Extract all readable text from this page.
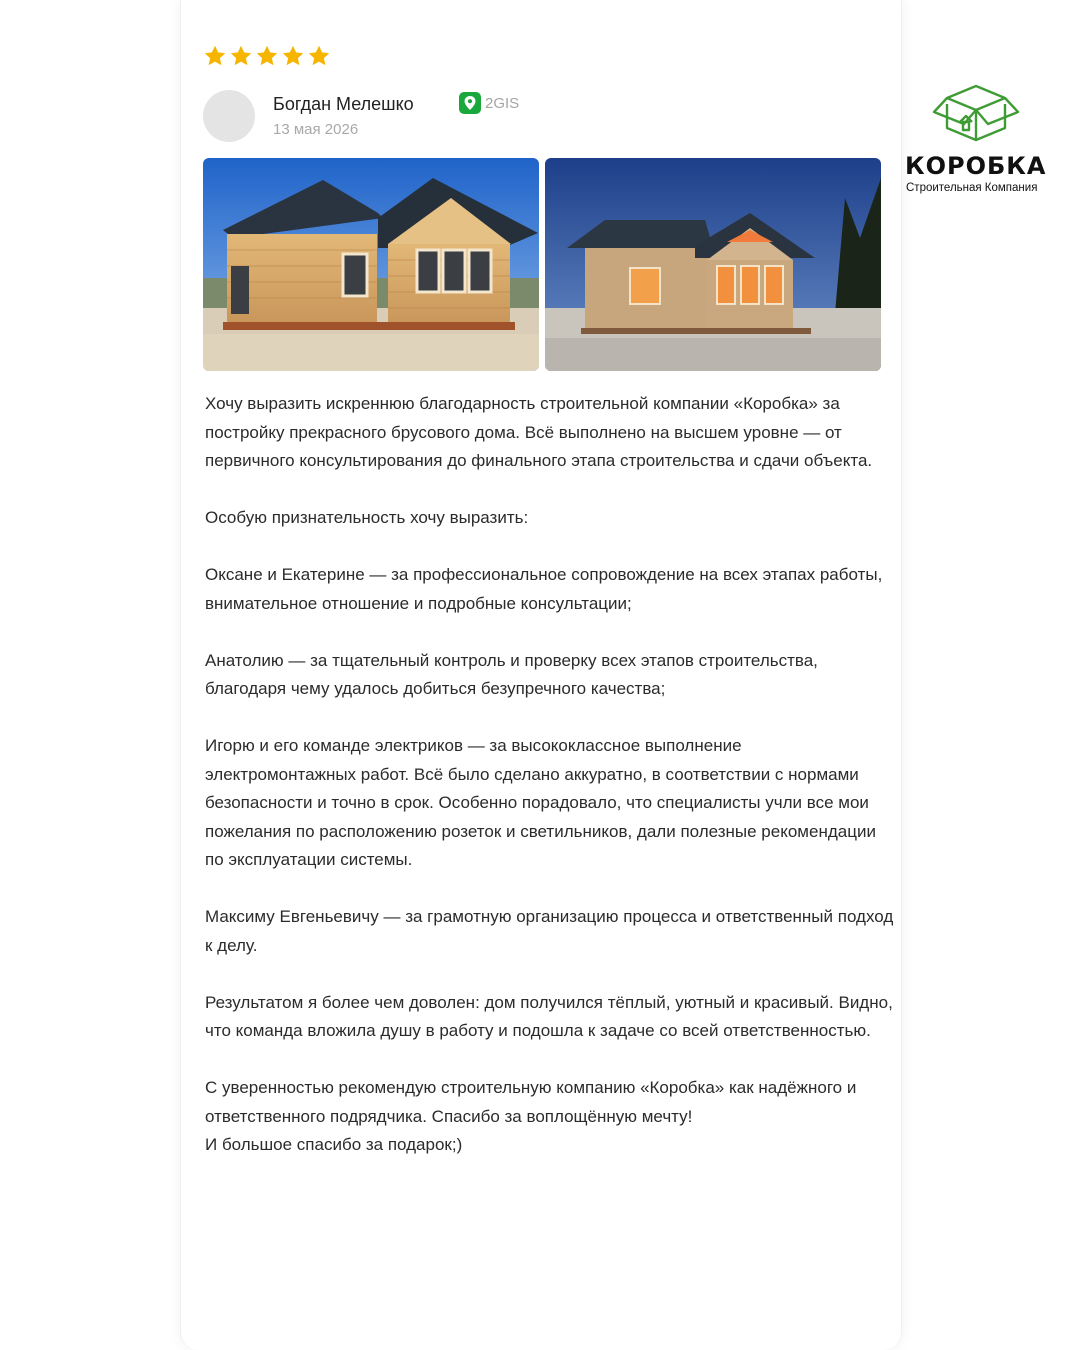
Богдан Мелешко	2GIS
13 мая 2026

Хочу выразить искреннюю благодарность строительной компании «Коробка» за постройку прекрасного брусового дома. Всё выполнено на высшем уровне — от первичного консультирования до финального этапа строительства и сдачи объекта.

Особую признательность хочу выразить:

Оксане и Екатерине — за профессиональное сопровождение на всех этапах работы, внимательное отношение и подробные консультации;

Анатолию — за тщательный контроль и проверку всех этапов строительства, благодаря чему удалось добиться безупречного качества;

Игорю и его команде электриков — за высококлассное выполнение электромонтажных работ. Всё было сделано аккуратно, в соответствии с нормами безопасности и точно в срок. Особенно порадовало, что специалисты учли все мои пожелания по расположению розеток и светильников, дали полезные рекомендации по эксплуатации системы.

Максиму Евгеньевичу — за грамотную организацию процесса и ответственный подход к делу.

Результатом я более чем доволен: дом получился тёплый, уютный и красивый. Видно, что команда вложила душу в работу и подошла к задаче со всей ответственностью.

С уверенностью рекомендую строительную компанию «Коробка» как надёжного и ответственного подрядчика. Спасибо за воплощённую мечту!
И большое спасибо за подарок;)

КОРОБКА
Строительная Компания
